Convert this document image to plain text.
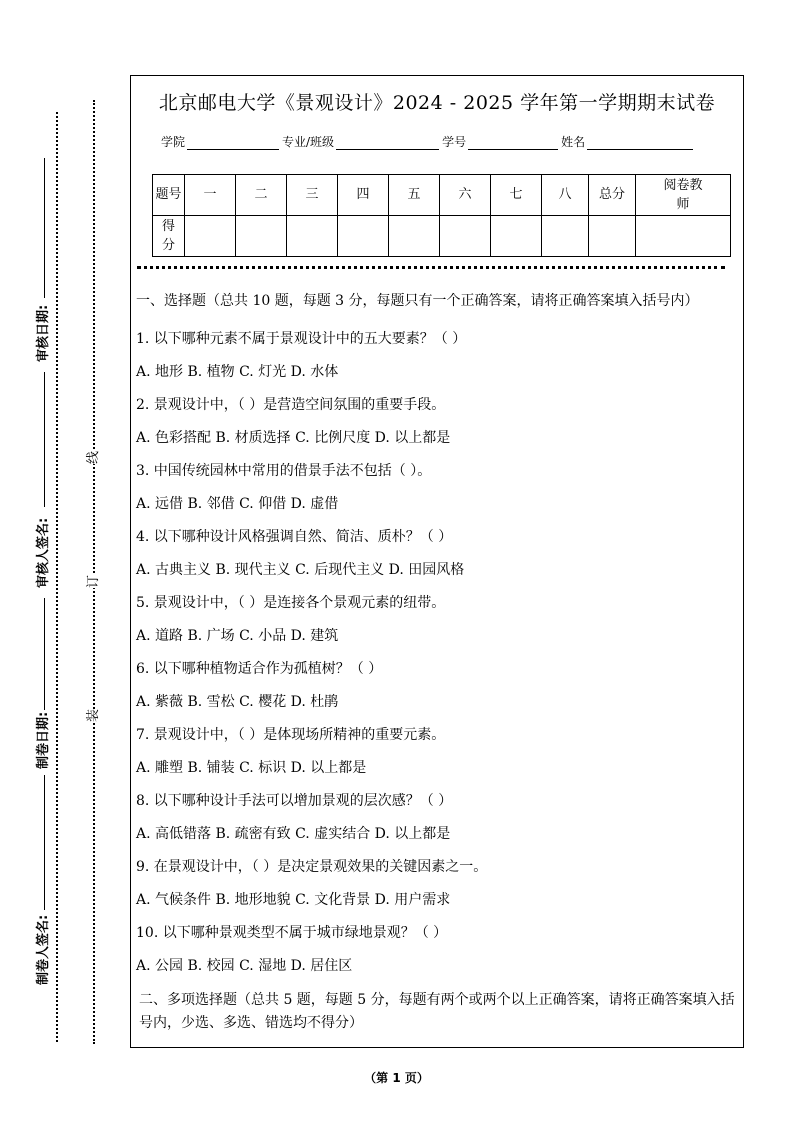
审核日期:
审核人签名:
制卷日期:
制卷人签名:
线
订
装
北京邮电大学《景观设计》2024 - 2025 学年第一学期期末试卷
学院	专业/班级	学号	姓名
题号	一	二	三	四	五	六	七	八	总分	阅卷教师
得分										
一、选择题（总共 10 题，每题 3 分，每题只有一个正确答案，请将正确答案填入括号内）
1. 以下哪种元素不属于景观设计中的五大要素？（ ）
A. 地形 B. 植物 C. 灯光 D. 水体
2. 景观设计中，（ ）是营造空间氛围的重要手段。
A. 色彩搭配 B. 材质选择 C. 比例尺度 D. 以上都是
3. 中国传统园林中常用的借景手法不包括（ ）。
A. 远借 B. 邻借 C. 仰借 D. 虚借
4. 以下哪种设计风格强调自然、简洁、质朴？（ ）
A. 古典主义 B. 现代主义 C. 后现代主义 D. 田园风格
5. 景观设计中，（ ）是连接各个景观元素的纽带。
A. 道路 B. 广场 C. 小品 D. 建筑
6. 以下哪种植物适合作为孤植树？（ ）
A. 紫薇 B. 雪松 C. 樱花 D. 杜鹃
7. 景观设计中，（ ）是体现场所精神的重要元素。
A. 雕塑 B. 铺装 C. 标识 D. 以上都是
8. 以下哪种设计手法可以增加景观的层次感？（ ）
A. 高低错落 B. 疏密有致 C. 虚实结合 D. 以上都是
9. 在景观设计中，（ ）是决定景观效果的关键因素之一。
A. 气候条件 B. 地形地貌 C. 文化背景 D. 用户需求
10. 以下哪种景观类型不属于城市绿地景观？（ ）
A. 公园 B. 校园 C. 湿地 D. 居住区
二、多项选择题（总共 5 题，每题 5 分，每题有两个或两个以上正确答案，请将正确答案填入括号内，少选、多选、错选均不得分）
（第 1 页）
